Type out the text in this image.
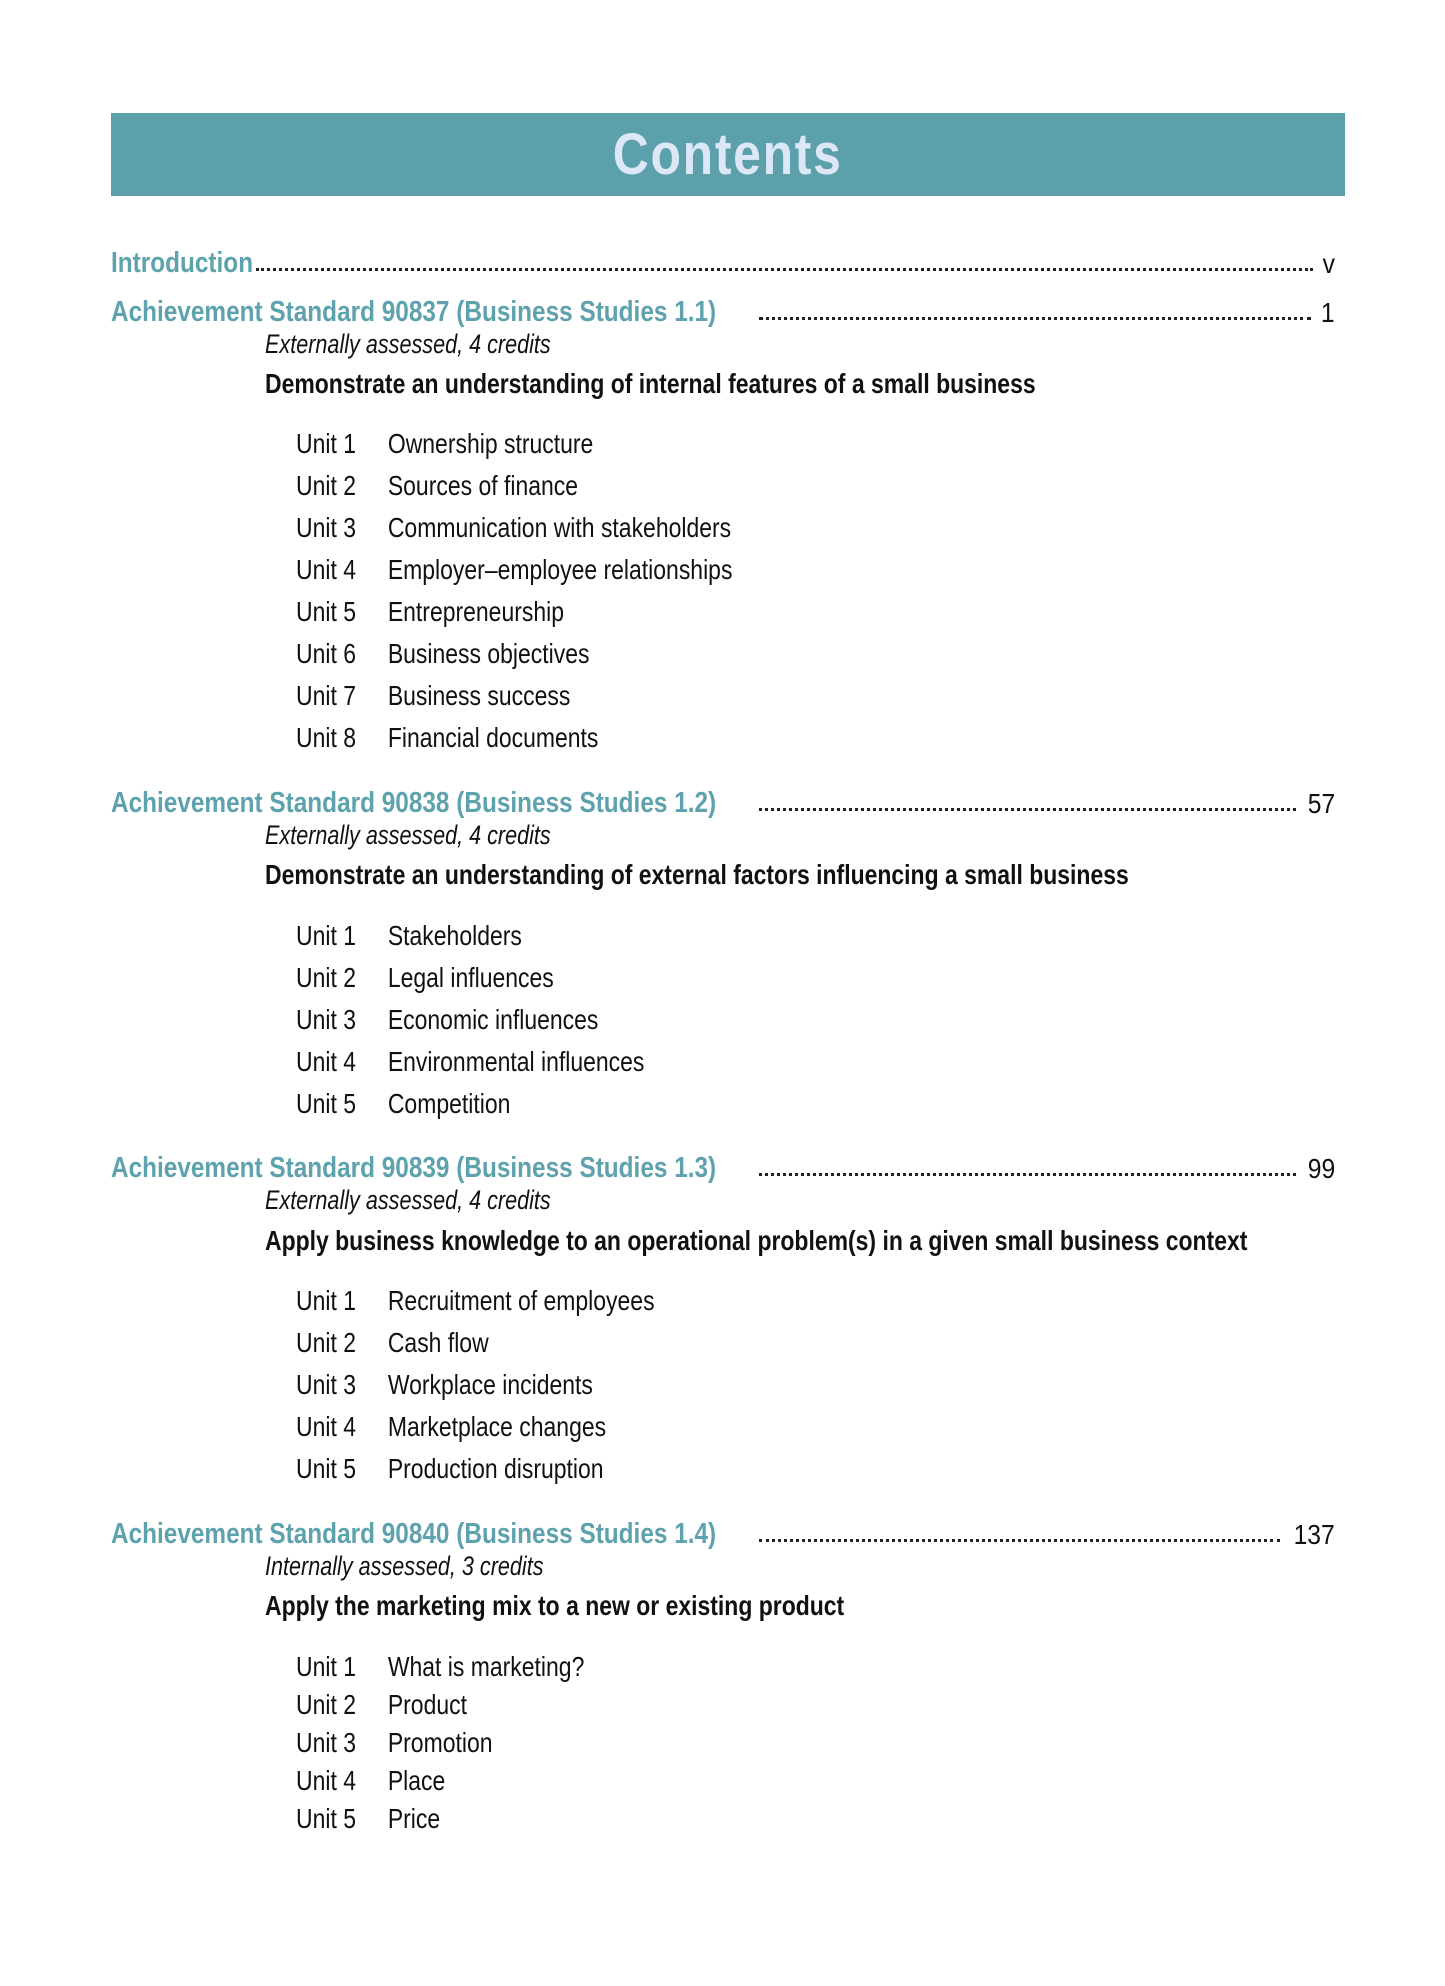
Contents
Introduction	v
Achievement Standard 90837 (Business Studies 1.1)	1
Externally assessed, 4 credits
Demonstrate an understanding of internal features of a small business
Unit 1	Ownership structure
Unit 2	Sources of finance
Unit 3	Communication with stakeholders
Unit 4	Employer–employee relationships
Unit 5	Entrepreneurship
Unit 6	Business objectives
Unit 7	Business success
Unit 8	Financial documents
Achievement Standard 90838 (Business Studies 1.2)	57
Externally assessed, 4 credits
Demonstrate an understanding of external factors influencing a small business
Unit 1	Stakeholders
Unit 2	Legal influences
Unit 3	Economic influences
Unit 4	Environmental influences
Unit 5	Competition
Achievement Standard 90839 (Business Studies 1.3)	99
Externally assessed, 4 credits
Apply business knowledge to an operational problem(s) in a given small business context
Unit 1	Recruitment of employees
Unit 2	Cash flow
Unit 3	Workplace incidents
Unit 4	Marketplace changes
Unit 5	Production disruption
Achievement Standard 90840 (Business Studies 1.4)	137
Internally assessed, 3 credits
Apply the marketing mix to a new or existing product
Unit 1	What is marketing?
Unit 2	Product
Unit 3	Promotion
Unit 4	Place
Unit 5	Price
